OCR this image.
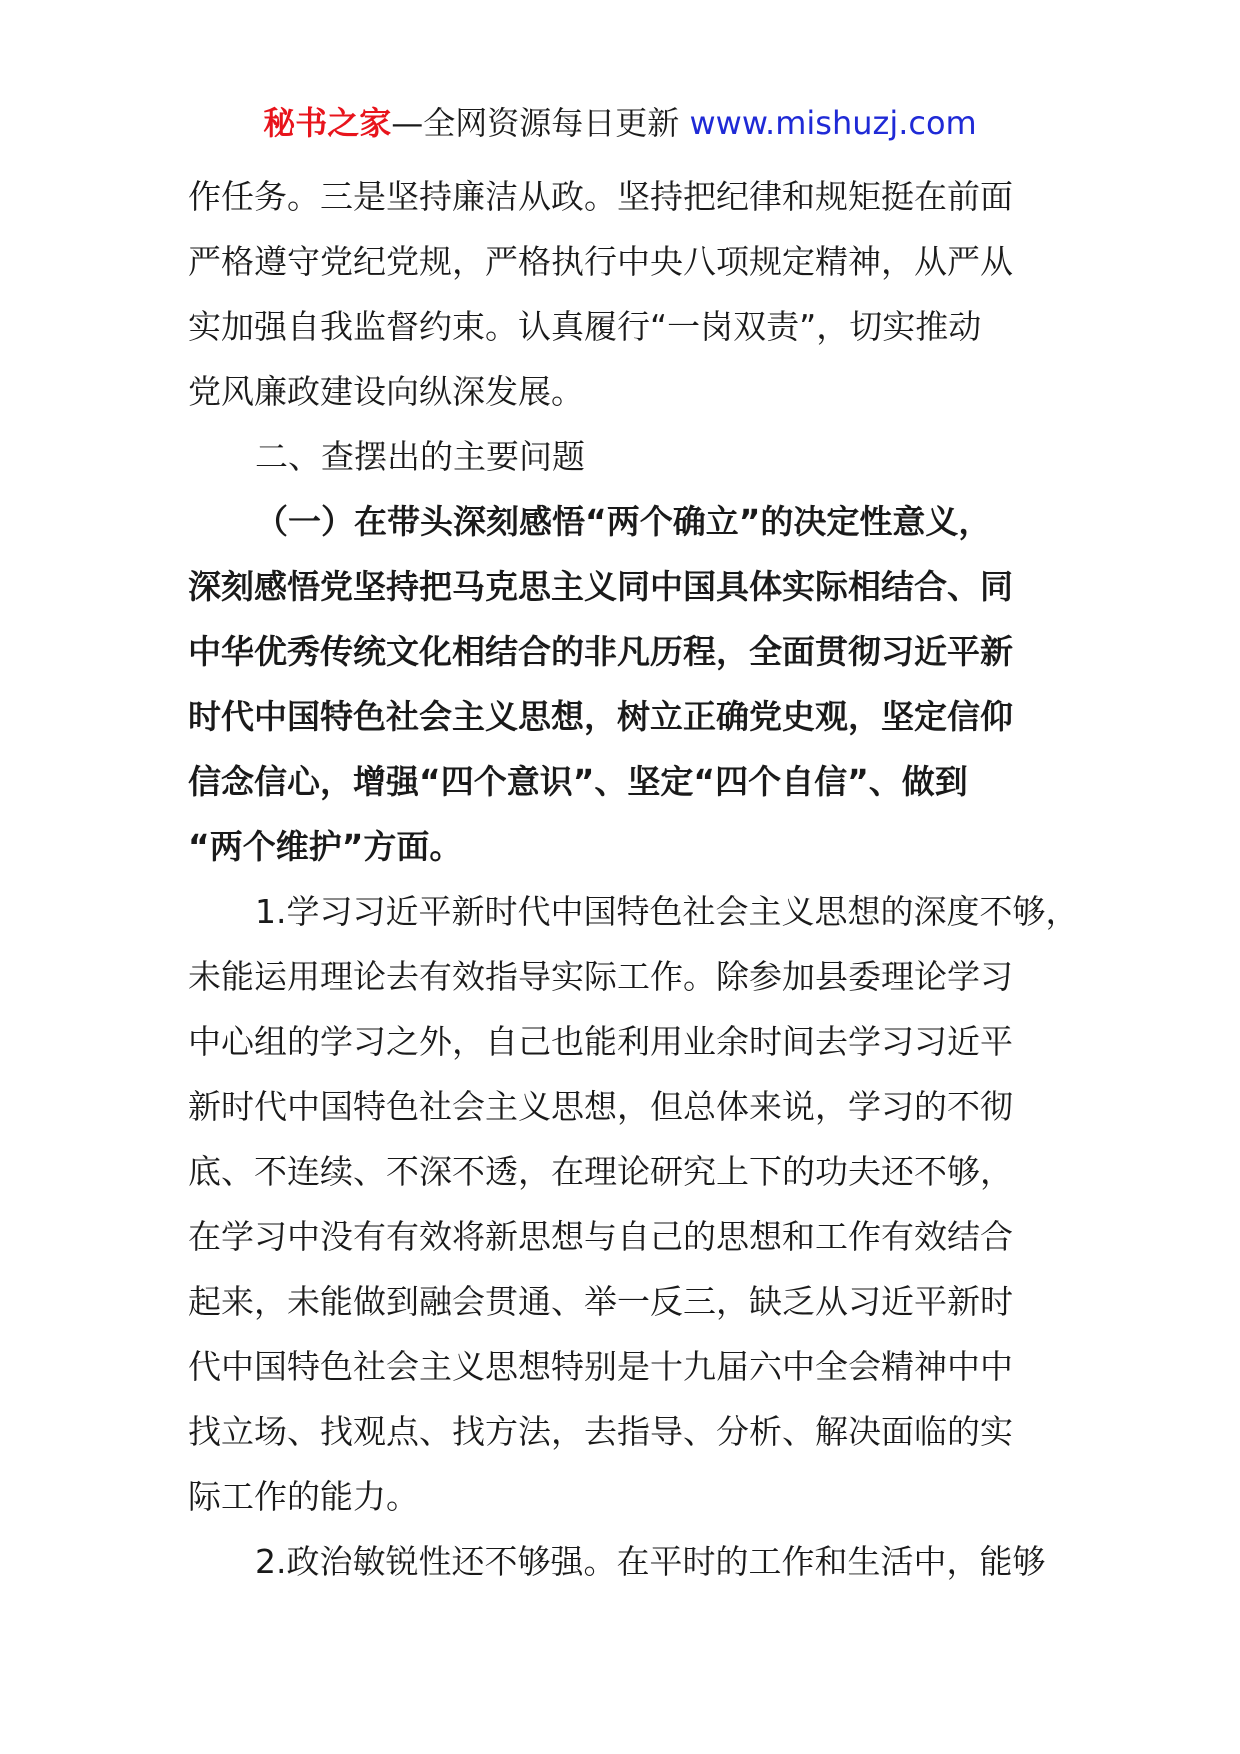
秘书之家—全网资源每日更新 www.mishuzj.com
作任务。三是坚持廉洁从政。坚持把纪律和规矩挺在前面
严格遵守党纪党规，严格执行中央八项规定精神，从严从
实加强自我监督约束。认真履行“一岗双责”，切实推动
党风廉政建设向纵深发展。
二、查摆出的主要问题
（一）在带头深刻感悟“两个确立”的决定性意义，
深刻感悟党坚持把马克思主义同中国具体实际相结合、同
中华优秀传统文化相结合的非凡历程，全面贯彻习近平新
时代中国特色社会主义思想，树立正确党史观，坚定信仰
信念信心，增强“四个意识”、坚定“四个自信”、做到
“两个维护”方面。
1.学习习近平新时代中国特色社会主义思想的深度不够，
未能运用理论去有效指导实际工作。除参加县委理论学习
中心组的学习之外，自己也能利用业余时间去学习习近平
新时代中国特色社会主义思想，但总体来说，学习的不彻
底、不连续、不深不透，在理论研究上下的功夫还不够，
在学习中没有有效将新思想与自己的思想和工作有效结合
起来，未能做到融会贯通、举一反三，缺乏从习近平新时
代中国特色社会主义思想特别是十九届六中全会精神中中
找立场、找观点、找方法，去指导、分析、解决面临的实
际工作的能力。
2.政治敏锐性还不够强。在平时的工作和生活中，能够
